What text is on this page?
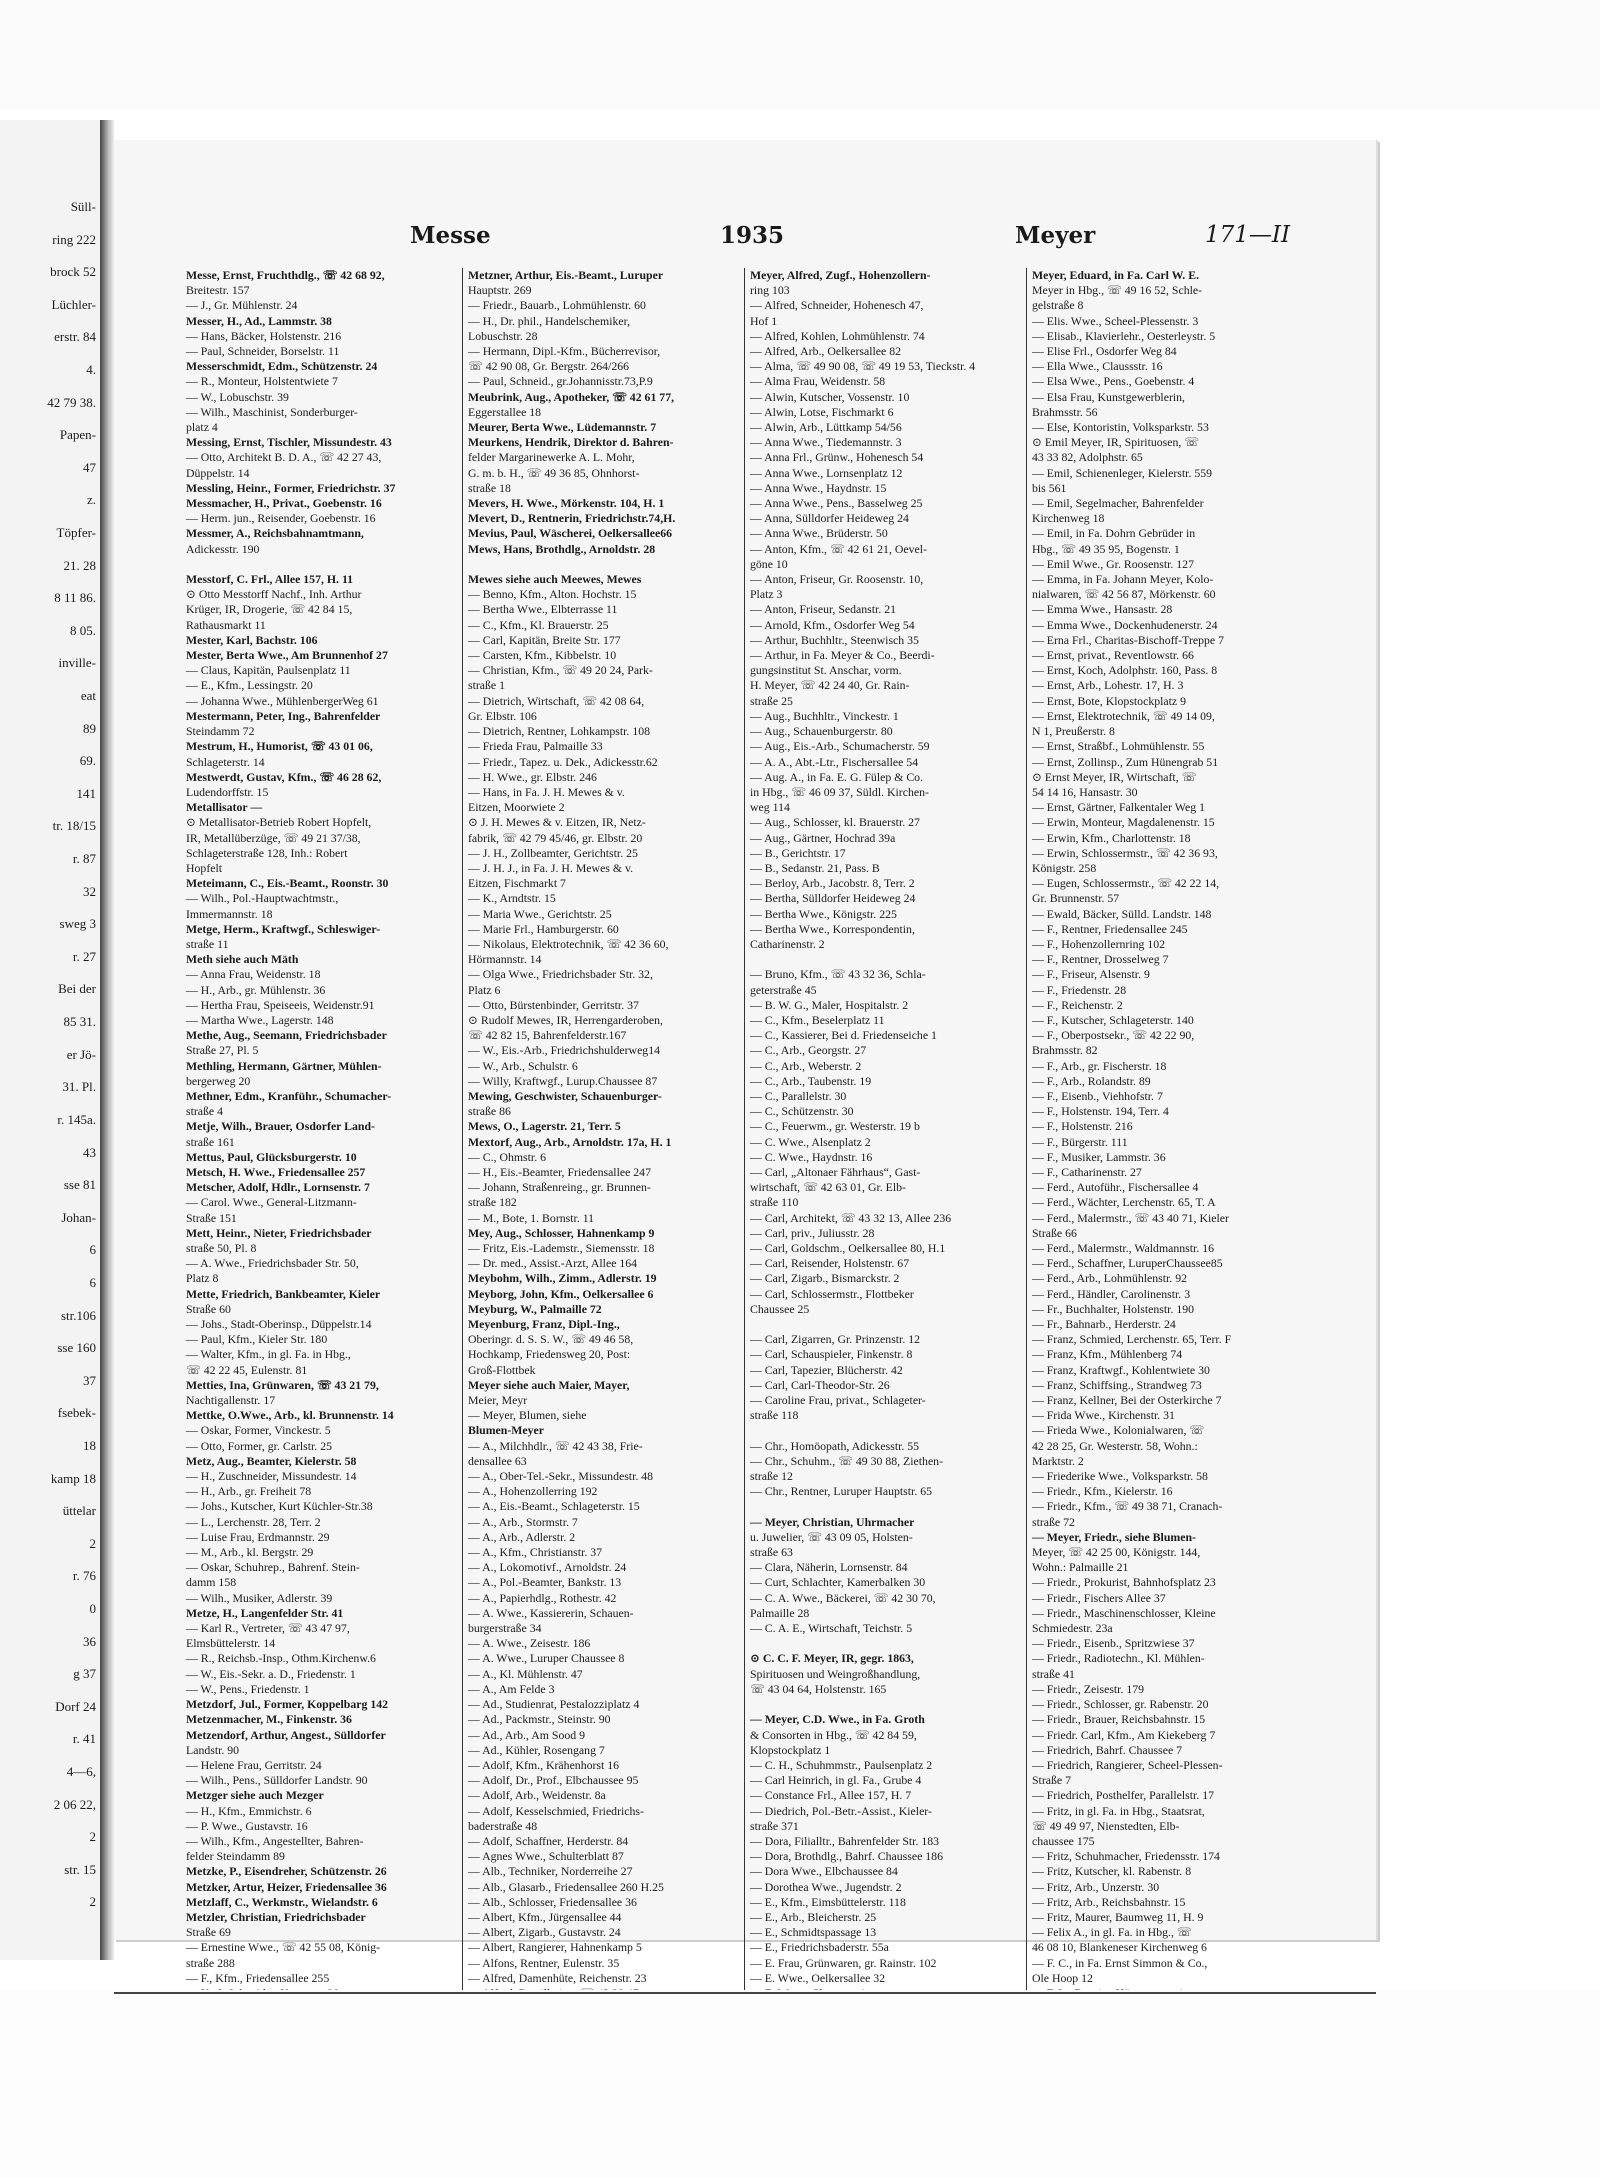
Süll-
ring 222
brock 52
Lüchler-
erstr. 84
4.
42 79 38.
Papen-
47
z.
Töpfer-
21. 28
8 11 86.
8 05.
inville-
eat
89
69.
141
tr. 18/15
r. 87
32
sweg 3
r. 27
Bei der
85 31.
er Jö-
31. Pl.
r. 145a.
43
sse 81
Johan-
6
6
str.106
sse 160
37
fsebek-
18
kamp 18
üttelar
2
r. 76
0
36
g 37
Dorf 24
r. 41
4—6,
2 06 22,
2
str. 15
2
Messe	1935	Meyer	171—II
Messe, Ernst, Fruchthdlg., ☏ 42 68 92,
Breitestr. 157
— J., Gr. Mühlenstr. 24
Messer, H., Ad., Lammstr. 38
— Hans, Bäcker, Holstenstr. 216
— Paul, Schneider, Borselstr. 11
Messerschmidt, Edm., Schützenstr. 24
— R., Monteur, Holstentwiete 7
— W., Lobuschstr. 39
— Wilh., Maschinist, Sonderburger-
platz 4
Messing, Ernst, Tischler, Missundestr. 43
— Otto, Architekt B. D. A., ☏ 42 27 43,
Düppelstr. 14
Messling, Heinr., Former, Friedrichstr. 37
Messmacher, H., Privat., Goebenstr. 16
— Herm. jun., Reisender, Goebenstr. 16
Messmer, A., Reichsbahnamtmann,
Adickesstr. 190

Messtorf, C. Frl., Allee 157, H. 11
⊙ Otto Messtorff Nachf., Inh. Arthur
Krüger, IR, Drogerie, ☏ 42 84 15,
Rathausmarkt 11
Mester, Karl, Bachstr. 106
Mester, Berta Wwe., Am Brunnenhof 27
— Claus, Kapitän, Paulsenplatz 11
— E., Kfm., Lessingstr. 20
— Johanna Wwe., MühlenbergerWeg 61
Mestermann, Peter, Ing., Bahrenfelder
Steindamm 72
Mestrum, H., Humorist, ☏ 43 01 06,
Schlageterstr. 14
Mestwerdt, Gustav, Kfm., ☏ 46 28 62,
Ludendorffstr. 15
Metallisator —
⊙ Metallisator-Betrieb Robert Hopfelt,
IR, Metallüberzüge, ☏ 49 21 37/38,
Schlageterstraße 128, Inh.: Robert
Hopfelt
Meteimann, C., Eis.-Beamt., Roonstr. 30
— Wilh., Pol.-Hauptwachtmstr.,
Immermannstr. 18
Metge, Herm., Kraftwgf., Schleswiger-
straße 11
Meth siehe auch Mäth
— Anna Frau, Weidenstr. 18
— H., Arb., gr. Mühlenstr. 36
— Hertha Frau, Speiseeis, Weidenstr.91
— Martha Wwe., Lagerstr. 148
Methe, Aug., Seemann, Friedrichsbader
Straße 27, Pl. 5
Methling, Hermann, Gärtner, Mühlen-
bergerweg 20
Methner, Edm., Kranführ., Schumacher-
straße 4
Metje, Wilh., Brauer, Osdorfer Land-
straße 161
Mettus, Paul, Glücksburgerstr. 10
Metsch, H. Wwe., Friedensallee 257
Metscher, Adolf, Hdlr., Lornsenstr. 7
— Carol. Wwe., General-Litzmann-
Straße 151
Mett, Heinr., Nieter, Friedrichsbader
straße 50, Pl. 8
— A. Wwe., Friedrichsbader Str. 50,
Platz 8
Mette, Friedrich, Bankbeamter, Kieler
Straße 60
— Johs., Stadt-Oberinsp., Düppelstr.14
— Paul, Kfm., Kieler Str. 180
— Walter, Kfm., in gl. Fa. in Hbg.,
☏ 42 22 45, Eulenstr. 81
Metties, Ina, Grünwaren, ☏ 43 21 79,
Nachtigallenstr. 17
Mettke, O.Wwe., Arb., kl. Brunnenstr. 14
— Oskar, Former, Vincke​str. 5
— Otto, Former, gr. Carlstr. 25
Metz, Aug., Beamter, Kielerstr. 58
— H., Zuschneider, Missundestr. 14
— H., Arb., gr. Freiheit 78
— Johs., Kutscher, Kurt Küchler-Str.38
— L., Lerchenstr. 28, Terr. 2
— Luise Frau, Erdmannstr. 29
— M., Arb., kl. Bergstr. 29
— Oskar, Schuhrep., Bahrenf. Stein-
damm 158
— Wilh., Musiker, Adlerstr. 39
Metze, H., Langenfelder Str. 41
— Karl R., Vertreter, ☏ 43 47 97,
Elmsbüttelerstr. 14
— R., Reichsb.-Insp., Othm.Kirchenw.6
— W., Eis.-Sekr. a. D., Friedenstr. 1
— W., Pens., Friedenstr. 1
Metzdorf, Jul., Former, Koppelbarg 142
Metzenmacher, M., Finkenstr. 36
Metzendorf, Arthur, Angest., Sülldorfer
Landstr. 90
— Helene Frau, Gerritstr. 24
— Wilh., Pens., Sülldorfer Landstr. 90
Metzger siehe auch Mezger
— H., Kfm., Emmichstr. 6
— P. Wwe., Gustavstr. 16
— Wilh., Kfm., Angestellter, Bahren-
felder Steindamm 89
Metzke, P., Eisendreher, Schützenstr. 26
Metzker, Artur, Heizer, Friedensallee 36
Metzlaff, C., Werkmstr., Wielandstr. 6
Metzler, Christian, Friedrichsbader
Straße 69
— Ernestine Wwe., ☏ 42 55 08, König-
straße 288
— F., Kfm., Friedensallee 255
Metzner, Arthur, Eis.-Beamt., Luruper
Hauptstr. 269
— Friedr., Bauarb., Lohmühlenstr. 60
— H., Dr. phil., Handelschemiker,
Lobuschstr. 28
— Hermann, Dipl.-Kfm., Bücherrevisor,
☏ 42 90 08, Gr. Bergstr. 264/266
— Paul, Schneid., gr.Johannisstr.73,P.9
Meubrink, Aug., Apotheker, ☏ 42 61 77,
Eggerstallee 18
Meurer, Berta Wwe., Lüdemannstr. 7
Meurkens, Hendrik, Direktor d. Bahren-
felder Margarinewerke A. L. Mohr,
G. m. b. H., ☏ 49 36 85, Ohnhorst-
straße 18
Mevers, H. Wwe., Mörkenstr. 104, H. 1
Mevert, D., Rentnerin, Friedrichstr.74,H.
Mevius, Paul, Wäscherei, Oelkersallee66
Mews, Hans, Brothdlg., Arnoldstr. 28

Mewes siehe auch Meewes, Mewes
— Benno, Kfm., Alton. Hochstr. 15
— Bertha Wwe., Elbterrasse 11
— C., Kfm., Kl. Brauerstr. 25
— Carl, Kapitän, Breite Str. 177
— Carsten, Kfm., Kibbelstr. 10
— Christian, Kfm., ☏ 49 20 24, Park-
straße 1
— Dietrich, Wirtschaft, ☏ 42 08 64,
Gr. Elbstr. 106
— Dietrich, Rentner, Lohkampstr. 108
— Frieda Frau, Palmaille 33
— Friedr., Tapez. u. Dek., Adickesstr.62
— H. Wwe., gr. Elbstr. 246
— Hans, in Fa. J. H. Mewes & v.
Eitzen, Moorwiete 2
⊙ J. H. Mewes & v. Eitzen, IR, Netz-
fabrik, ☏ 42 79 45/46, gr. Elbstr. 20
— J. H., Zollbeamter, Gerichtstr. 25
— J. H. J., in Fa. J. H. Mewes & v.
Eitzen, Fischmarkt 7
— K., Arndtstr. 15
— Maria Wwe., Gerichtstr. 25
— Marie Frl., Hamburgerstr. 60
— Nikolaus, Elektrotechnik, ☏ 42 36 60,
Hörmannstr. 14
— Olga Wwe., Friedrichsbader Str. 32,
Platz 6
— Otto, Bürstenbinder, Gerritstr. 37
⊙ Rudolf Mewes, IR, Herrengarderoben,
☏ 42 82 15, Bahrenfelderstr.167
— W., Eis.-Arb., Friedrichshulderweg14
— W., Arb., Schulstr. 6
— Willy, Kraftwgf., Lurup.Chaussee 87
Mewing, Geschwister, Schauenburger-
straße 86
Mews, O., Lagerstr. 21, Terr. 5
Mextorf, Aug., Arb., Arnoldstr. 17a, H. 1
— C., Ohmstr. 6
— H., Eis.-Beamter, Friedensallee 247
— Johann, Straßenreing., gr. Brunnen-
straße 182
— M., Bote, 1. Bornstr. 11
Mey, Aug., Schlosser, Hahnenkamp 9
— Fritz, Eis.-Lademstr., Siemensstr. 18
— Dr. med., Assist.-Arzt, Allee 164
Meybohm, Wilh., Zimm., Adlerstr. 19
Meyborg, John, Kfm., Oelkersallee 6
Meyburg, W., Palmaille 72
Meyenburg, Franz, Dipl.-Ing.,
Oberingr. d. S. S. W., ☏ 49 46 58,
Hochkamp, Friedensweg 20, Post:
Groß-Flottbek
Meyer siehe auch Maier, Mayer,
Meier, Meyr
— Meyer, Blumen, siehe
Blumen-Meyer
— A., Milchhdlr., ☏ 42 43 38, Frie-
densallee 63
— A., Ober-Tel.-Sekr., Missundestr. 48
— A., Hohenzollerring 192
— A., Eis.-Beamt., Schlageterstr. 15
— A., Arb., Stormstr. 7
— A., Arb., Adlerstr. 2
— A., Kfm., Christianstr. 37
— A., Lokomotivf., Arnoldstr. 24
— A., Pol.-Beamter, Bankstr. 13
— A., Papierhdlg., Rothestr. 42
— A. Wwe., Kassiererin, Schauen-
burgerstraße 34
— A. Wwe., Zeisestr. 186
— A. Wwe., Luruper Chaussee 8
— A., Kl. Mühlenstr. 47
— A., Am Felde 3
— Ad., Studienrat, Pestalozziplatz 4
— Ad., Packmstr., Steinstr. 90
— Ad., Arb., Am Sood 9
— Ad., Kühler, Rosengang 7
— Adolf, Kfm., Krähenhorst 16
— Adolf, Dr., Prof., Elbchaussee 95
— Adolf, Arb., Weidenstr. 8a
— Adolf, Kesselschmied, Friedrichs-
baderstraße 48
— Adolf, Schaffner, Herderstr. 84
— Agnes Wwe., Schulterblatt 87
— Alb., Techniker, Norderreihe 27
— Alb., Glasarb., Friedensallee 260 H.25
— Alb., Schlosser, Friedensallee 36
— Albert, Kfm., Jürgensallee 44
— Albert, Zigarb., Gustavstr. 24
— Albert, Rangierer, Hahnenkamp 5
— Alfons, Rentner, Eulenstr. 35
— Alfred, Damenhüte, Reichenstr. 23
Meyer, Alfred, Zugf., Hohenzollern-
ring 103
— Alfred, Schneider, Hohenesch 47,
Hof 1
— Alfred, Kohlen, Lohmühlenstr. 74
— Alfred, Arb., Oelkersallee 82
— Alma, ☏ 49 90 08, ☏ 49 19 53, Tieckstr. 4
— Alma Frau, Weidenstr. 58
— Alwin, Kutscher, Vossenstr. 10
— Alwin, Lotse, Fischmarkt 6
— Alwin, Arb., Lüttkamp 54/56
— Anna Wwe., Tiedemannstr. 3
— Anna Frl., Grünw., Hohenesch 54
— Anna Wwe., Lornsenplatz 12
— Anna Wwe., Haydnstr. 15
— Anna Wwe., Pens., Basselweg 25
— Anna, Sülldorfer Heideweg 24
— Anna Wwe., Brüderstr. 50
— Anton, Kfm., ☏ 42 61 21, Oevel-
göne 10
— Anton, Friseur, Gr. Roosenstr. 10,
Platz 3
— Anton, Friseur, Sedanstr. 21
— Arnold, Kfm., Osdorfer Weg 54
— Arthur, Buchhltr., Steenwisch 35
— Arthur, in Fa. Meyer & Co., Beerdi-
gungsinstitut St. Anschar, vorm.
H. Meyer, ☏ 42 24 40, Gr. Rain-
straße 25
— Aug., Buchhltr., Vinckestr. 1
— Aug., Schauenburgerstr. 80
— Aug., Eis.-Arb., Schumacherstr. 59
— A. A., Abt.-Ltr., Fischersallee 54
— Aug. A., in Fa. E. G. Fülep & Co.
in Hbg., ☏ 46 09 37, Süldl. Kirchen-
weg 114
— Aug., Schlosser, kl. Brauerstr. 27
— Aug., Gärtner, Hochrad 39a
— B., Gerichtstr. 17
— B., Sedanstr. 21, Pass. B
— Berloy, Arb., Jacobstr. 8, Terr. 2
— Bertha, Sülldorfer Heideweg 24
— Bertha Wwe., Königstr. 225
— Bertha Wwe., Korrespondentin,
Catharinenstr. 2

— Bruno, Kfm., ☏ 43 32 36, Schla-
geterstraße 45
— B. W. G., Maler, Hospitalstr. 2
— C., Kfm., Beselerplatz 11
— C., Kassierer, Bei d. Friedenseiche 1
— C., Arb., Georgstr. 27
— C., Arb., Weberstr. 2
— C., Arb., Taubenstr. 19
— C., Parallelstr. 30
— C., Schützenstr. 30
— C., Feuerwm., gr. Westerstr. 19 b
— C. Wwe., Alsenplatz 2
— C. Wwe., Haydnstr. 16
— Carl, „Altonaer Fährhaus“, Gast-
wirtschaft, ☏ 42 63 01, Gr. Elb-
straße 110
— Carl, Architekt, ☏ 43 32 13, Allee 236
— Carl, priv., Juliusstr. 28
— Carl, Goldschm., Oelkersallee 80, H.1
— Carl, Reisender, Holstenstr. 67
— Carl, Zigarb., Bismarckstr. 2
— Carl, Schlossermstr., Flottbeker
Chaussee 25

— Carl, Zigarren, Gr. Prinzenstr. 12
— Carl, Schauspieler, Finkenstr. 8
— Carl, Tapezier, Blücherstr. 42
— Carl, Carl-Theodor-Str. 26
— Caroline Frau, privat., Schlageter-
straße 118

— Chr., Homöopath, Adickesstr. 55
— Chr., Schuhm., ☏ 49 30 88, Ziethen-
straße 12
— Chr., Rentner, Luruper Hauptstr. 65

— Meyer, Christian, Uhrmacher
u. Juwelier, ☏ 43 09 05, Holsten-
straße 63
— Clara, Näherin, Lornsenstr. 84
— Curt, Schlachter, Kamerbalken 30
— C. A. Wwe., Bäckerei, ☏ 42 30 70,
Palmaille 28
— C. A. E., Wirtschaft, Teichstr. 5

⊙ C. C. F. Meyer, IR, gegr. 1863,
Spirituosen und Weingroßhandlung,
☏ 43 04 64, Holstenstr. 165

— Meyer, C.D. Wwe., in Fa. Groth
& Consorten in Hbg., ☏ 42 84 59,
Klopstockplatz 1
— C. H., Schuhmmstr., Paulsenplatz 2
— Carl Heinrich, in gl. Fa., Grube 4
— Constance Frl., Allee 157, H. 7
— Diedrich, Pol.-Betr.-Assist., Kieler-
straße 371
— Dora, Filialltr., Bahrenfelder Str. 183
— Dora, Brothdlg., Bahrf. Chaussee 186
— Dora Wwe., Elbchaussee 84
— Dorothea Wwe., Jugendstr. 2
— E., Kfm., Eimsbüttelerstr. 118
— E., Arb., Bleicherstr. 25
— E., Schmidtspassage 13
— E., Friedrichsbaderstr. 55a
— E. Frau, Grünwaren, gr. Rainstr. 102
— E. Wwe., Oelkersallee 32
Meyer, Eduard, in Fa. Carl W. E.
Meyer in Hbg., ☏ 49 16 52, Schle-
gelstraße 8
— Elis. Wwe., Scheel-Plessenstr. 3
— Elisab., Klavierlehr., Oesterleystr. 5
— Elise Frl., Osdorfer Weg 84
— Ella Wwe., Claussstr. 16
— Elsa Wwe., Pens., Goebenstr. 4
— Elsa Frau, Kunstgewerblerin,
Brahmsstr. 56
— Else, Kontoristin, Volksparkstr. 53
⊙ Emil Meyer, IR, Spirituosen, ☏
43 33 82, Adolphstr. 65
— Emil, Schienenleger, Kielerstr. 559
bis 561
— Emil, Segelmacher, Bahrenfelder
Kirchenweg 18
— Emil, in Fa. Dohrn Gebrüder in
Hbg., ☏ 49 35 95, Bogenstr. 1
— Emil Wwe., Gr. Roosenstr. 127
— Emma, in Fa. Johann Meyer, Kolo-
nialwaren, ☏ 42 56 87, Mörkenstr. 60
— Emma Wwe., Hansastr. 28
— Emma Wwe., Dockenhudenerstr. 24
— Erna Frl., Charitas-Bischoff-Treppe 7
— Ernst, privat., Reventlowstr. 66
— Ernst, Koch, Adolphstr. 160, Pass. 8
— Ernst, Arb., Lohestr. 17, H. 3
— Ernst, Bote, Klopstockplatz 9
— Ernst, Elektrotechnik, ☏ 49 14 09,
N 1, Preußerstr. 8
— Ernst, Straßbf., Lohmühlenstr. 55
— Ernst, Zollinsp., Zum Hünengrab 51
⊙ Ernst Meyer, IR, Wirtschaft, ☏
54 14 16, Hansastr. 30
— Ernst, Gärtner, Falkentaler Weg 1
— Erwin, Monteur, Magdalenenstr. 15
— Erwin, Kfm., Charlottenstr. 18
— Erwin, Schlossermstr., ☏ 42 36 93,
Königstr. 258
— Eugen, Schlossermstr., ☏ 42 22 14,
Gr. Brunnenstr. 57
— Ewald, Bäcker, Sülld. Landstr. 148
— F., Rentner, Friedensallee 245
— F., Hohenzollernring 102
— F., Rentner, Drosselweg 7
— F., Friseur, Alsenstr. 9
— F., Friedenstr. 28
— F., Reichenstr. 2
— F., Kutscher, Schlageterstr. 140
— F., Oberpostsekr., ☏ 42 22 90,
Brahmsstr. 82
— F., Arb., gr. Fischerstr. 18
— F., Arb., Rolandstr. 89
— F., Eisenb., Viehhofstr. 7
— F., Holstenstr. 194, Terr. 4
— F., Holstenstr. 216
— F., Bürgerstr. 111
— F., Musiker, Lammstr. 36
— F., Catharinenstr. 27
— Ferd., Autoführ., Fischersallee 4
— Ferd., Wächter, Lerchenstr. 65, T. A
— Ferd., Malermstr., ☏ 43 40 71, Kieler
Straße 66
— Ferd., Malermstr., Waldmannstr. 16
— Ferd., Schaffner, LuruperChaussee85
— Ferd., Arb., Lohmühlenstr. 92
— Ferd., Händler, Carolinenstr. 3
— Fr., Buchhalter, Holstenstr. 190
— Fr., Bahnarb., Herderstr. 24
— Franz, Schmied, Lerchenstr. 65, Terr. F
— Franz, Kfm., Mühlenberg 74
— Franz, Kraftwgf., Kohlentwiete 30
— Franz, Schiffsing., Strandweg 73
— Franz, Kellner, Bei der Osterkirche 7
— Frida Wwe., Kirchenstr. 31
— Frieda Wwe., Kolonialwaren, ☏
42 28 25, Gr. Westerstr. 58, Wohn.:
Marktstr. 2
— Friederike Wwe., Volksparkstr. 58
— Friedr., Kfm., Kielerstr. 16
— Friedr., Kfm., ☏ 49 38 71, Cranach-
straße 72
— Meyer, Friedr., siehe Blumen-
Meyer, ☏ 42 25 00, Königstr. 144,
Wohn.: Palmaille 21
— Friedr., Prokurist, Bahnhofsplatz 23
— Friedr., Fischers Allee 37
— Friedr., Maschinenschlosser, Kleine
Schmiedestr. 23a
— Friedr., Eisenb., Spritzwiese 37
— Friedr., Radiotechn., Kl. Mühlen-
straße 41
— Friedr., Zeisestr. 179
— Friedr., Schlosser, gr. Rabenstr. 20
— Friedr., Brauer, Reichsbahnstr. 15
— Friedr. Carl, Kfm., Am Kiekeberg 7
— Friedrich, Bahrf. Chaussee 7
— Friedrich, Rangierer, Scheel-Plessen-
Straße 7
— Friedrich, Posthelfer, Parallelstr. 17
— Fritz, in gl. Fa. in Hbg., Staatsrat,
☏ 49 49 97, Nienstedten, Elb-
chaussee 175
— Fritz, Schuhmacher, Friedensstr. 174
— Fritz, Kutscher, kl. Rabenstr. 8
— Fritz, Arb., Unzerstr. 30
— Fritz, Arb., Reichsbahnstr. 15
— Fritz, Maurer, Baumweg 11, H. 9
— Felix A., in gl. Fa. in Hbg., ☏
46 08 10, Blankeneser Kirchenweg 6
— F. C., in Fa. Ernst Simmon & Co.,
Ole Hoop 12
